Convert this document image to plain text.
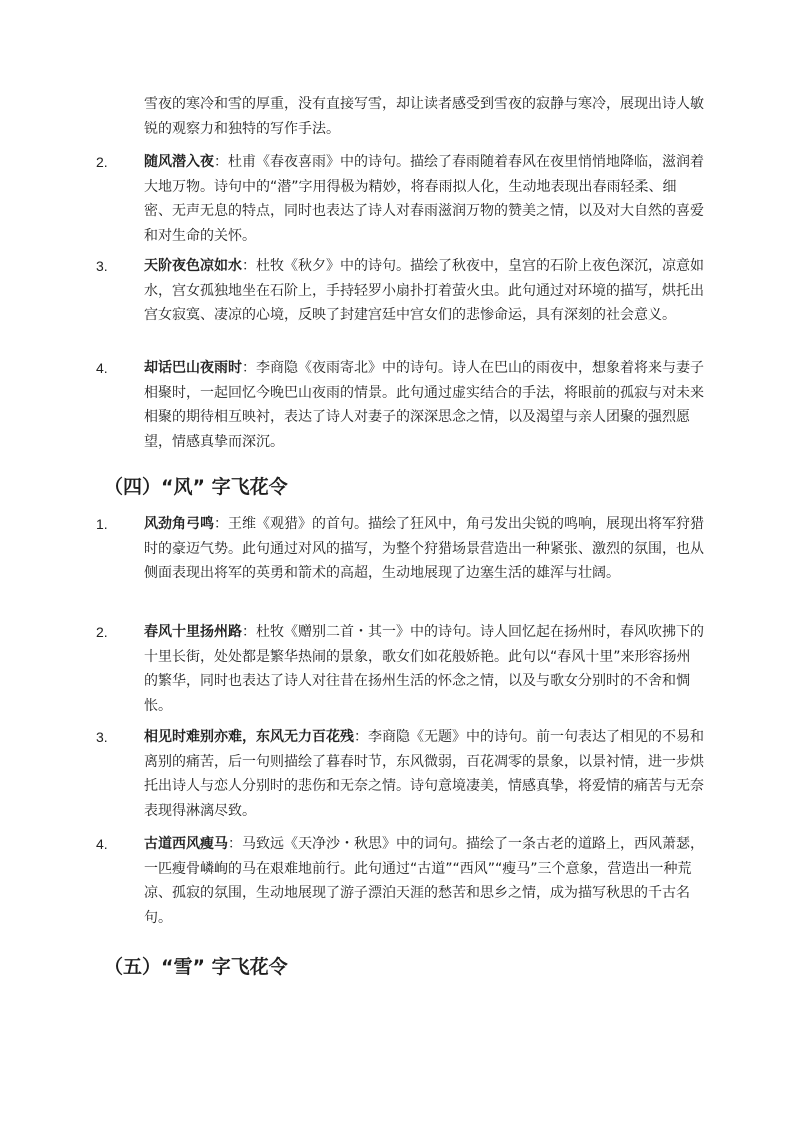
雪夜的寒冷和雪的厚重，没有直接写雪，却让读者感受到雪夜的寂静与寒冷，展现出诗人敏锐的观察力和独特的写作手法。
2.	随风潜入夜：杜甫《春夜喜雨》中的诗句。描绘了春雨随着春风在夜里悄悄地降临，滋润着大地万物。诗句中的“潜”字用得极为精妙，将春雨拟人化，生动地表现出春雨轻柔、细密、无声无息的特点，同时也表达了诗人对春雨滋润万物的赞美之情，以及对大自然的喜爱和对生命的关怀。
3.	天阶夜色凉如水：杜牧《秋夕》中的诗句。描绘了秋夜中，皇宫的石阶上夜色深沉，凉意如水，宫女孤独地坐在石阶上，手持轻罗小扇扑打着萤火虫。此句通过对环境的描写，烘托出宫女寂寞、凄凉的心境，反映了封建宫廷中宫女们的悲惨命运，具有深刻的社会意义。
4.	却话巴山夜雨时：李商隐《夜雨寄北》中的诗句。诗人在巴山的雨夜中，想象着将来与妻子相聚时，一起回忆今晚巴山夜雨的情景。此句通过虚实结合的手法，将眼前的孤寂与对未来相聚的期待相互映衬，表达了诗人对妻子的深深思念之情，以及渴望与亲人团聚的强烈愿望，情感真挚而深沉。
（四）“风” 字飞花令
1.	风劲角弓鸣：王维《观猎》的首句。描绘了狂风中，角弓发出尖锐的鸣响，展现出将军狩猎时的豪迈气势。此句通过对风的描写，为整个狩猎场景营造出一种紧张、激烈的氛围，也从侧面表现出将军的英勇和箭术的高超，生动地展现了边塞生活的雄浑与壮阔。
2.	春风十里扬州路：杜牧《赠别二首・其一》中的诗句。诗人回忆起在扬州时，春风吹拂下的十里长街，处处都是繁华热闹的景象，歌女们如花般娇艳。此句以“春风十里”来形容扬州的繁华，同时也表达了诗人对往昔在扬州生活的怀念之情，以及与歌女分别时的不舍和惆怅。
3.	相见时难别亦难，东风无力百花残：李商隐《无题》中的诗句。前一句表达了相见的不易和离别的痛苦，后一句则描绘了暮春时节，东风微弱，百花凋零的景象，以景衬情，进一步烘托出诗人与恋人分别时的悲伤和无奈之情。诗句意境凄美，情感真挚，将爱情的痛苦与无奈表现得淋漓尽致。
4.	古道西风瘦马：马致远《天净沙・秋思》中的词句。描绘了一条古老的道路上，西风萧瑟，一匹瘦骨嶙峋的马在艰难地前行。此句通过“古道”“西风”“瘦马”三个意象，营造出一种荒凉、孤寂的氛围，生动地展现了游子漂泊天涯的愁苦和思乡之情，成为描写秋思的千古名句。
（五）“雪” 字飞花令
